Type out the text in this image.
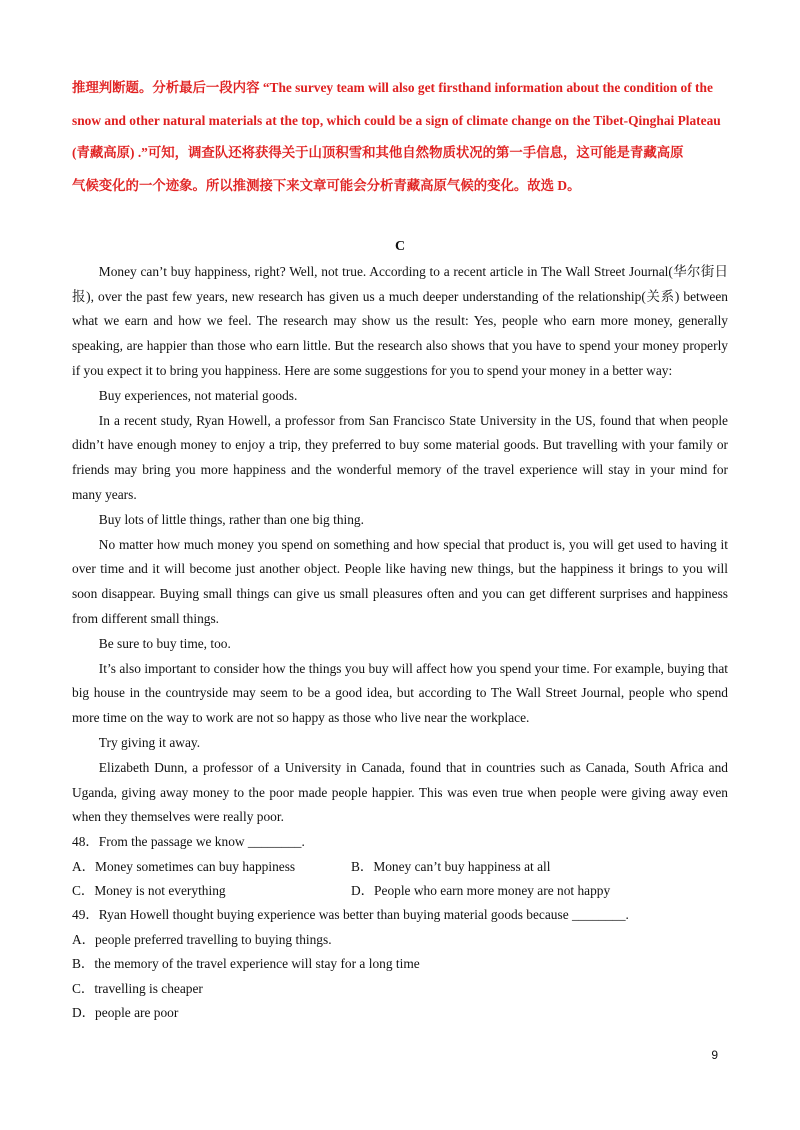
推理判断题。分析最后一段内容 “The survey team will also get firsthand information about the condition of the

snow and other natural materials at the top, which could be a sign of climate change on the Tibet-Qinghai Plateau

(青藏高原) .”可知，调查队还将获得关于山顶积雪和其他自然物质状况的第一手信息，这可能是青藏高原

气候变化的一个迹象。所以推测接下来文章可能会分析青藏高原气候的变化。故选 D。

C

Money can’t buy happiness, right? Well, not true. According to a recent article in The Wall Street Journal(华尔街日报), over the past few years, new research has given us a much deeper understanding of the relationship(关系) between what we earn and how we feel. The research may show us the result: Yes, people who earn more money, generally speaking, are happier than those who earn little. But the research also shows that you have to spend your money properly if you expect it to bring you happiness. Here are some suggestions for you to spend your money in a better way:

Buy experiences, not material goods.

In a recent study, Ryan Howell, a professor from San Francisco State University in the US, found that when people didn’t have enough money to enjoy a trip, they preferred to buy some material goods. But travelling with your family or friends may bring you more happiness and the wonderful memory of the travel experience will stay in your mind for many years.

Buy lots of little things, rather than one big thing.

No matter how much money you spend on something and how special that product is, you will get used to having it over time and it will become just another object. People like having new things, but the happiness it brings to you will soon disappear. Buying small things can give us small pleasures often and you can get different surprises and happiness from different small things.

Be sure to buy time, too.

It’s also important to consider how the things you buy will affect how you spend your time. For example, buying that big house in the countryside may seem to be a good idea, but according to The Wall Street Journal, people who spend more time on the way to work are not so happy as those who live near the workplace.

Try giving it away.

Elizabeth Dunn, a professor of a University in Canada, found that in countries such as Canada, South Africa and Uganda, giving away money to the poor made people happier. This was even true when people were giving away even when they themselves were really poor.

48．From the passage we know ________.

A．Money sometimes can buy happiness	B．Money can’t buy happiness at all
C．Money is not everything	D．People who earn more money are not happy

49．Ryan Howell thought buying experience was better than buying material goods because ________.

A．people preferred travelling to buying things.

B．the memory of the travel experience will stay for a long time

C．travelling is cheaper

D．people are poor

9
